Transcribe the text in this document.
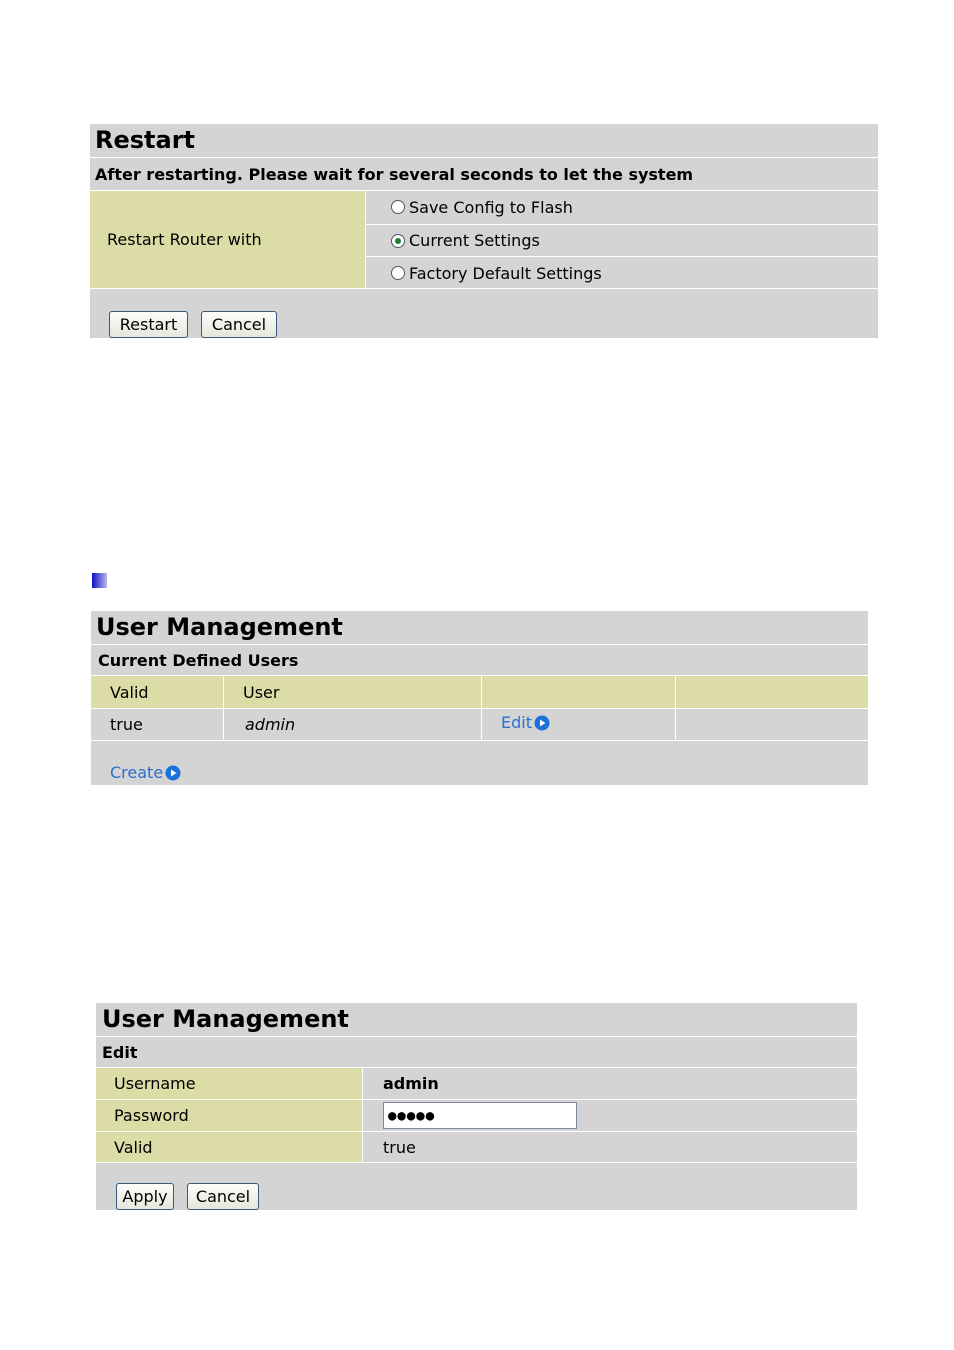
Restart
After restarting. Please wait for several seconds to let the system
Restart Router with
Save Config to Flash
Current Settings
Factory Default Settings
Restart	Cancel
User Management
Current Defined Users
Valid	User
true	admin	Edit
Create
User Management
Edit
Username	admin
Password	●●●●●
Valid	true
Apply	Cancel
